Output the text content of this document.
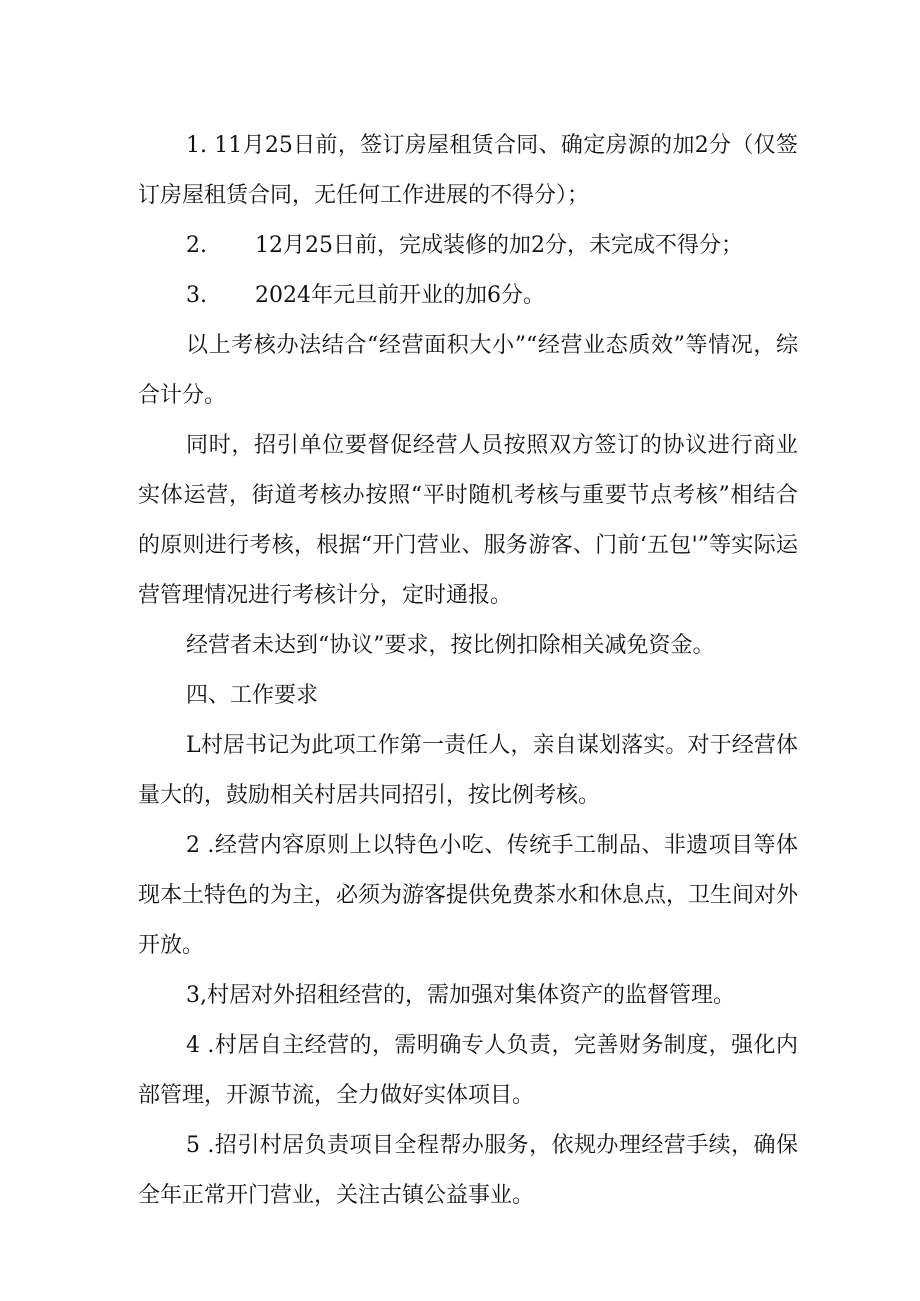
1. 11月25日前，签订房屋租赁合同、确定房源的加2分（仅签订房屋租赁合同，无任何工作进展的不得分）；

2. 12月25日前，完成装修的加2分，未完成不得分；

3. 2024年元旦前开业的加6分。

以上考核办法结合“经营面积大小”“经营业态质效”等情况，综合计分。

同时，招引单位要督促经营人员按照双方签订的协议进行商业实体运营，街道考核办按照“平时随机考核与重要节点考核”相结合的原则进行考核，根据“开门营业、服务游客、门前‘五包'”等实际运营管理情况进行考核计分，定时通报。

经营者未达到“协议”要求，按比例扣除相关减免资金。

四、工作要求

L村居书记为此项工作第一责任人，亲自谋划落实。对于经营体量大的，鼓励相关村居共同招引，按比例考核。

2 .经营内容原则上以特色小吃、传统手工制品、非遗项目等体现本土特色的为主，必须为游客提供免费茶水和休息点，卫生间对外开放。

3,村居对外招租经营的，需加强对集体资产的监督管理。

4 .村居自主经营的，需明确专人负责，完善财务制度，强化内部管理，开源节流，全力做好实体项目。

5 .招引村居负责项目全程帮办服务，依规办理经营手续，确保全年正常开门营业，关注古镇公益事业。
